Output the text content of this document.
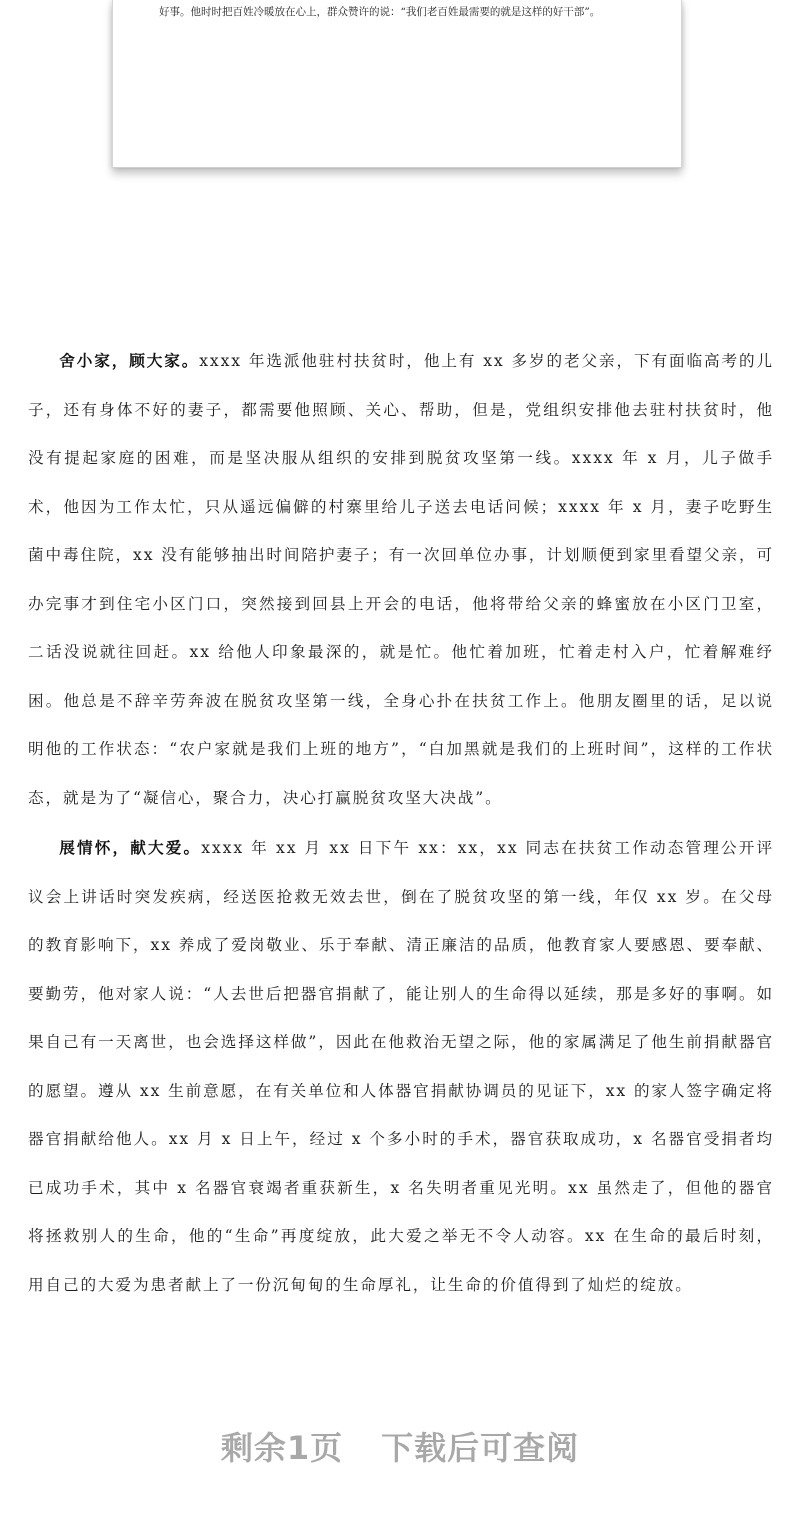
好事。他时时把百姓冷暖放在心上，群众赞许的说：“我们老百姓最需要的就是这样的好干部”。

舍小家，顾大家。xxxx 年选派他驻村扶贫时，他上有 xx 多岁的老父亲，下有面临高考的儿子，还有身体不好的妻子，都需要他照顾、关心、帮助，但是，党组织安排他去驻村扶贫时，他没有提起家庭的困难，而是坚决服从组织的安排到脱贫攻坚第一线。xxxx 年 x 月，儿子做手术，他因为工作太忙，只从遥远偏僻的村寨里给儿子送去电话问候；xxxx 年 x 月，妻子吃野生菌中毒住院，xx 没有能够抽出时间陪护妻子；有一次回单位办事，计划顺便到家里看望父亲，可办完事才到住宅小区门口，突然接到回县上开会的电话，他将带给父亲的蜂蜜放在小区门卫室，二话没说就往回赶。xx 给他人印象最深的，就是忙。他忙着加班，忙着走村入户，忙着解难纾困。他总是不辞辛劳奔波在脱贫攻坚第一线，全身心扑在扶贫工作上。他朋友圈里的话，足以说明他的工作状态：“农户家就是我们上班的地方”，“白加黑就是我们的上班时间”，这样的工作状态，就是为了“凝信心，聚合力，决心打赢脱贫攻坚大决战”。

展情怀，献大爱。xxxx 年 xx 月 xx 日下午 xx：xx，xx 同志在扶贫工作动态管理公开评议会上讲话时突发疾病，经送医抢救无效去世，倒在了脱贫攻坚的第一线，年仅 xx 岁。在父母的教育影响下，xx 养成了爱岗敬业、乐于奉献、清正廉洁的品质，他教育家人要感恩、要奉献、要勤劳，他对家人说：“人去世后把器官捐献了，能让别人的生命得以延续，那是多好的事啊。如果自己有一天离世，也会选择这样做”，因此在他救治无望之际，他的家属满足了他生前捐献器官的愿望。遵从 xx 生前意愿，在有关单位和人体器官捐献协调员的见证下，xx 的家人签字确定将器官捐献给他人。xx 月 x 日上午，经过 x 个多小时的手术，器官获取成功，x 名器官受捐者均已成功手术，其中 x 名器官衰竭者重获新生，x 名失明者重见光明。xx 虽然走了，但他的器官将拯救别人的生命，他的“生命”再度绽放，此大爱之举无不令人动容。xx 在生命的最后时刻，用自己的大爱为患者献上了一份沉甸甸的生命厚礼，让生命的价值得到了灿烂的绽放。

剩余1页 下载后可查阅
